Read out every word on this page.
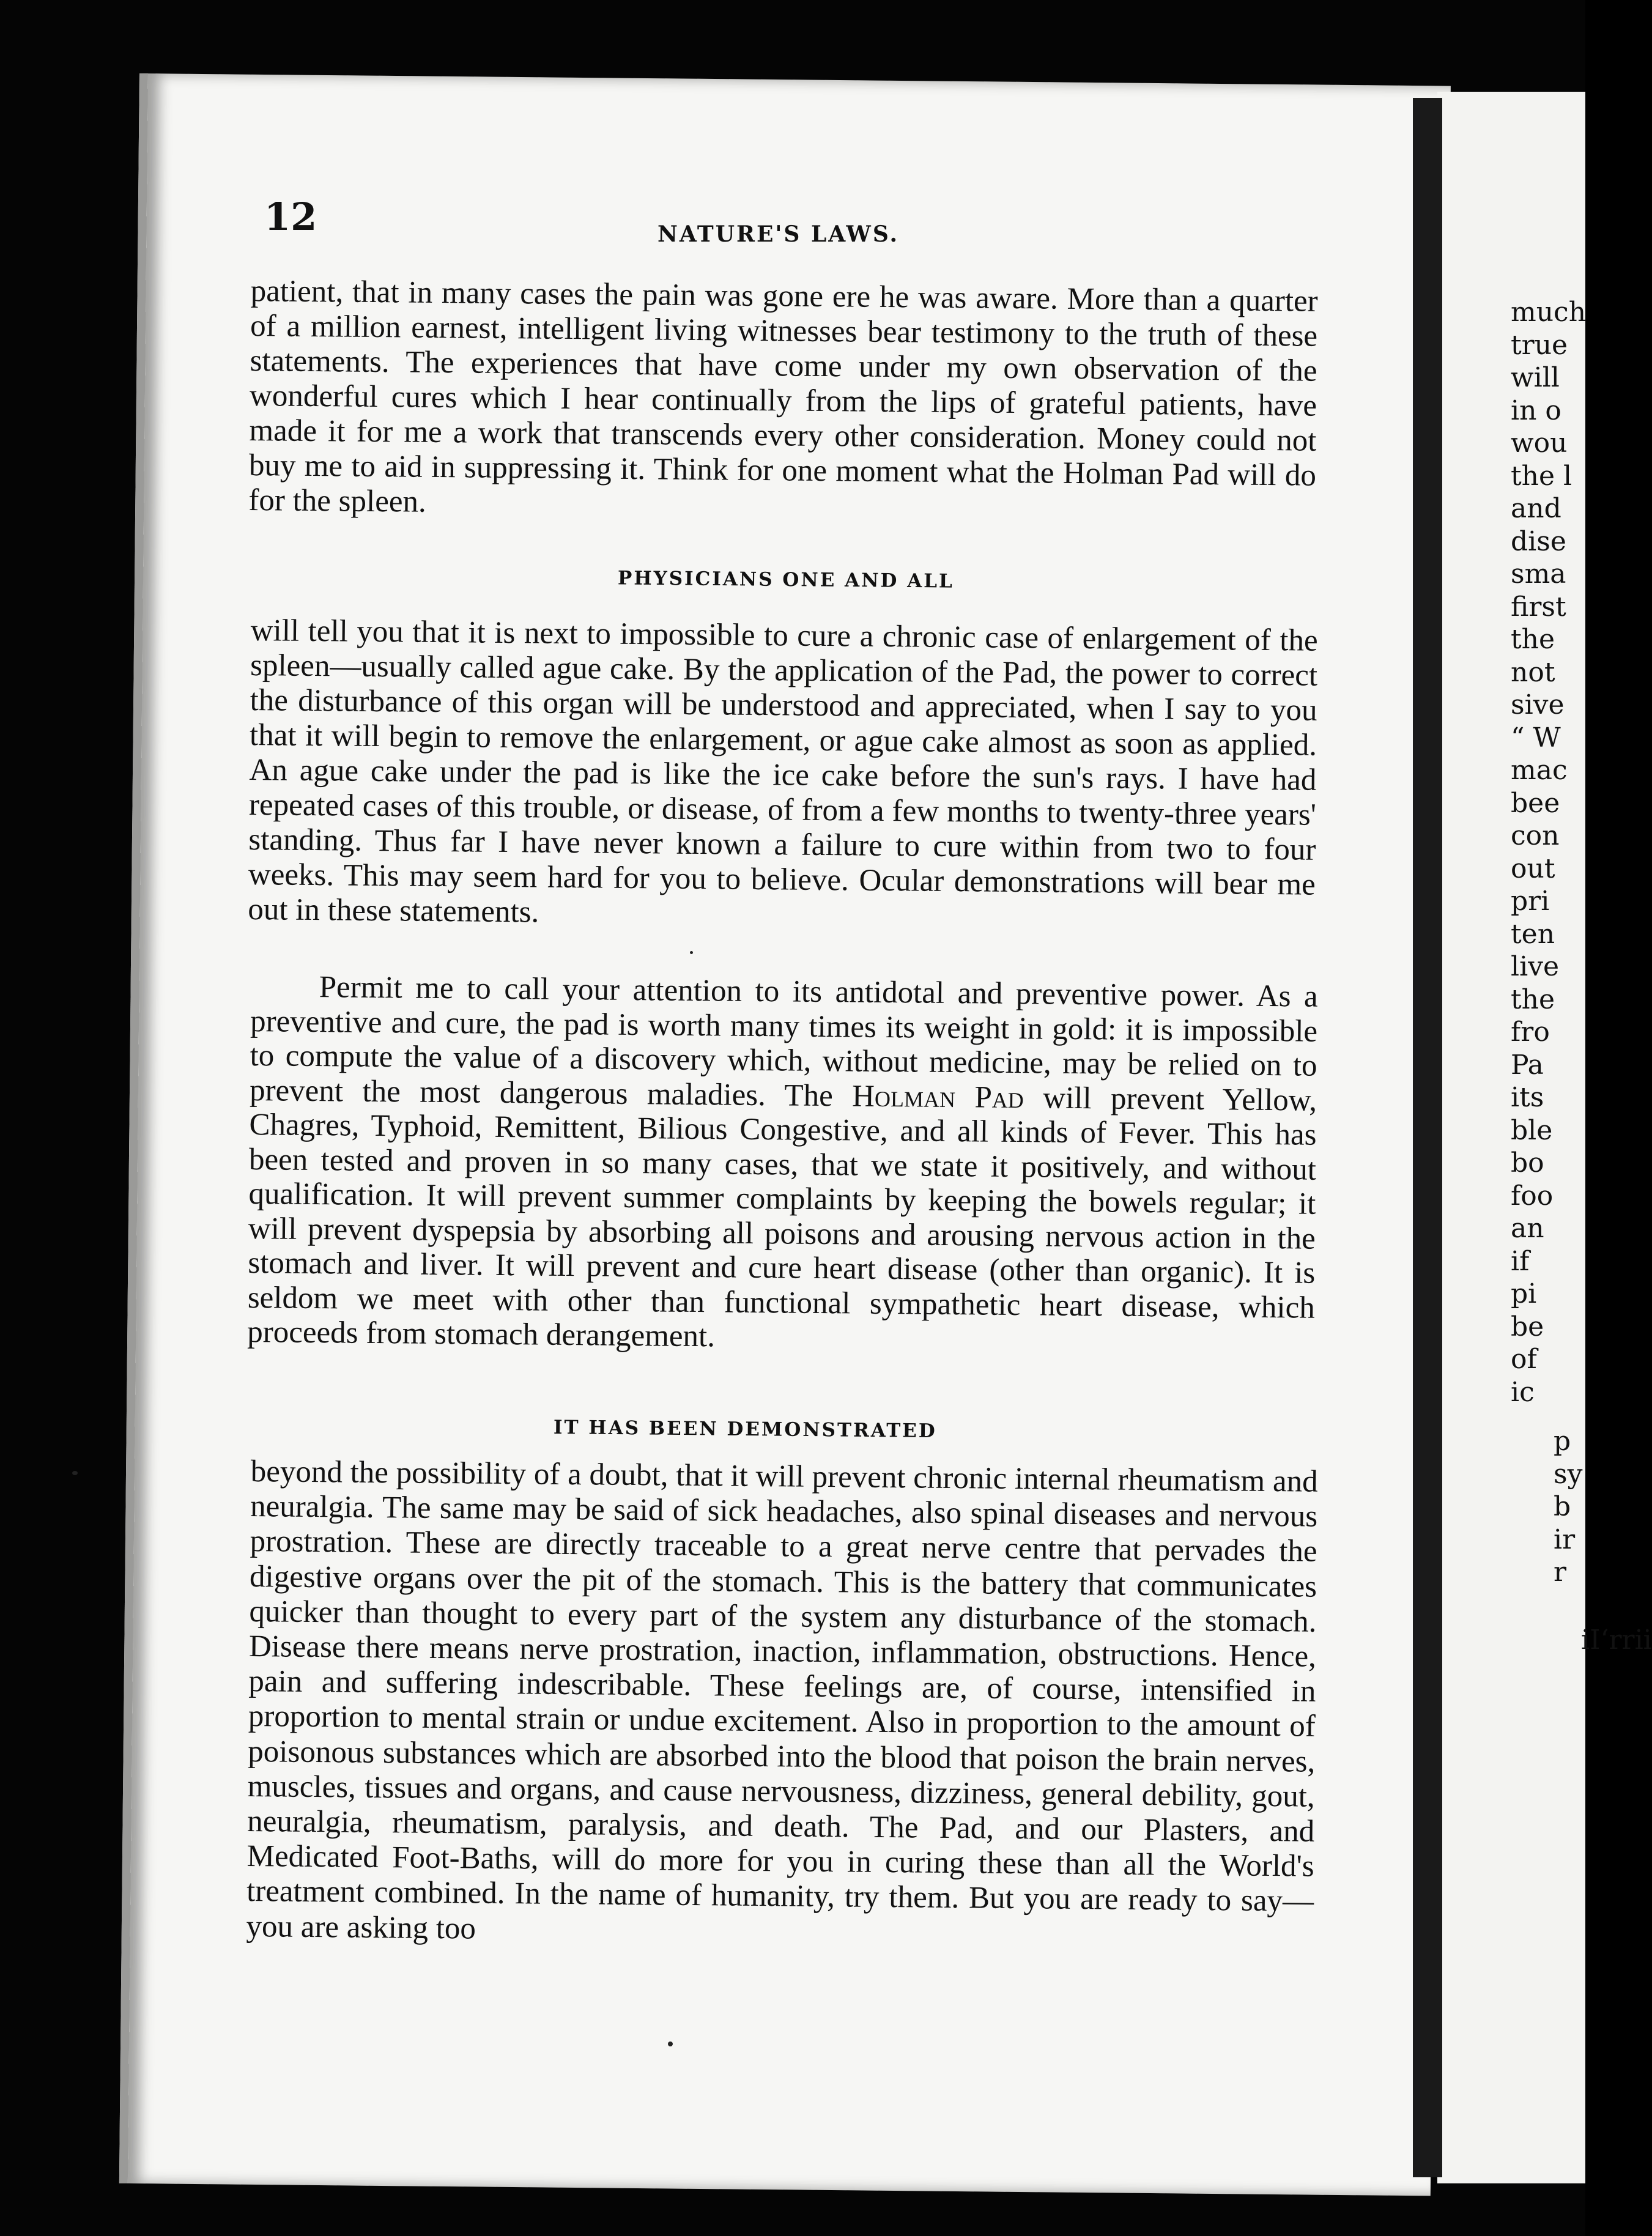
12	NATURE'S LAWS.

patient, that in many cases the pain was gone ere he was aware. More than a quarter of a million earnest, intelligent living witnesses bear testimony to the truth of these statements. The experiences that have come under my own observation of the wonderful cures which I hear continually from the lips of grateful patients, have made it for me a work that transcends every other consideration. Money could not buy me to aid in suppressing it. Think for one moment what the Holman Pad will do for the spleen.

PHYSICIANS ONE AND ALL

will tell you that it is next to impossible to cure a chronic case of enlargement of the spleen—usually called ague cake. By the application of the Pad, the power to correct the disturbance of this organ will be understood and appreciated, when I say to you that it will begin to remove the enlargement, or ague cake almost as soon as applied. An ague cake under the pad is like the ice cake before the sun's rays. I have had repeated cases of this trouble, or disease, of from a few months to twenty-three years' standing. Thus far I have never known a failure to cure within from two to four weeks. This may seem hard for you to believe. Ocular demonstrations will bear me out in these statements.

Permit me to call your attention to its antidotal and preventive power. As a preventive and cure, the pad is worth many times its weight in gold: it is impossible to compute the value of a discovery which, without medicine, may be relied on to prevent the most dangerous maladies. The Holman Pad will prevent Yellow, Chagres, Typhoid, Remittent, Bilious Congestive, and all kinds of Fever. This has been tested and proven in so many cases, that we state it positively, and without qualification. It will prevent summer complaints by keeping the bowels regular; it will prevent dyspepsia by absorbing all poisons and arousing nervous action in the stomach and liver. It will prevent and cure heart disease (other than organic). It is seldom we meet with other than functional sympathetic heart disease, which proceeds from stomach derangement.

IT HAS BEEN DEMONSTRATED

beyond the possibility of a doubt, that it will prevent chronic internal rheumatism and neuralgia. The same may be said of sick headaches, also spinal diseases and nervous prostration. These are directly traceable to a great nerve centre that pervades the digestive organs over the pit of the stomach. This is the battery that communicates quicker than thought to every part of the system any disturbance of the stomach. Disease there means nerve prostration, inaction, inflammation, obstructions. Hence, pain and suffering indescribable. These feelings are, of course, intensified in proportion to mental strain or undue excitement. Also in proportion to the amount of poisonous substances which are absorbed into the blood that poison the brain nerves, muscles, tissues and organs, and cause nervousness, dizziness, general debility, gout, neuralgia, rheumatism, paralysis, and death. The Pad, and our Plasters, and Medicated Foot-Baths, will do more for you in curing these than all the World's treatment combined. In the name of humanity, try them. But you are ready to say—you are asking too

much
true
will
in o
wou
the l
and
dise
sma
first
the
not
sive
“ W
mac
bee
con
out
pri
ten
live
the
fro
Pa
its
ble
bo
foo
an
if
pi
be
of
ic
p
sy
b
ir
r
iI‘rrii
